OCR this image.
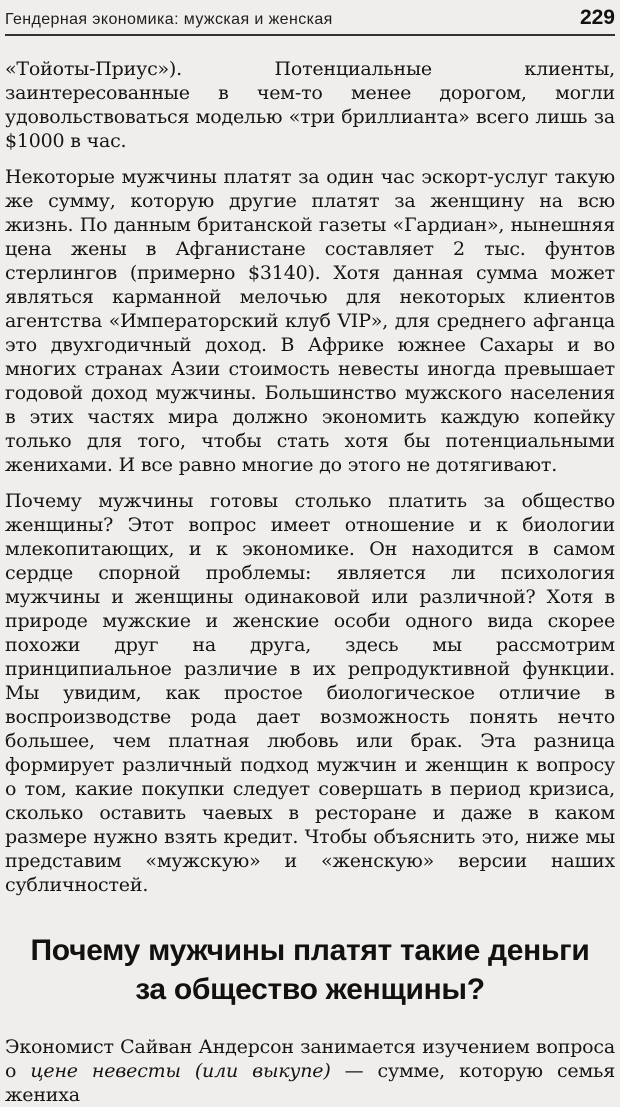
Гендерная экономика: мужская и женская	229

«Тойоты-Приус»). Потенциальные клиенты, заинтересованные в чем-то менее дорогом, могли удовольствоваться моделью «три бриллианта» всего лишь за $1000 в час.

Некоторые мужчины платят за один час эскорт-услуг такую же сумму, которую другие платят за женщину на всю жизнь. По данным британской газеты «Гардиан», нынешняя цена жены в Афганистане составляет 2 тыс. фунтов стерлингов (примерно $3140). Хотя данная сумма может являться карманной мелочью для некоторых клиентов агентства «Императорский клуб VIP», для среднего афганца это двухгодичный доход. В Африке южнее Сахары и во многих странах Азии стоимость невесты иногда превышает годовой доход мужчины. Большинство мужского населения в этих частях мира должно экономить каждую копейку только для того, чтобы стать хотя бы потенциальными женихами. И все равно многие до этого не дотягивают.

Почему мужчины готовы столько платить за общество женщины? Этот вопрос имеет отношение и к биологии млекопитающих, и к экономике. Он находится в самом сердце спорной проблемы: является ли психология мужчины и женщины одинаковой или различной? Хотя в природе мужские и женские особи одного вида скорее похожи друг на друга, здесь мы рассмотрим принципиальное различие в их репродуктивной функции. Мы увидим, как простое биологическое отличие в воспроизводстве рода дает возможность понять нечто большее, чем платная любовь или брак. Эта разница формирует различный подход мужчин и женщин к вопросу о том, какие покупки следует совершать в период кризиса, сколько оставить чаевых в ресторане и даже в каком размере нужно взять кредит. Чтобы объяснить это, ниже мы представим «мужскую» и «женскую» версии наших субличностей.

Почему мужчины платят такие деньги
за общество женщины?

Экономист Сайван Андерсон занимается изучением вопроса о цене невесты (или выкупе) — сумме, которую семья жениха
